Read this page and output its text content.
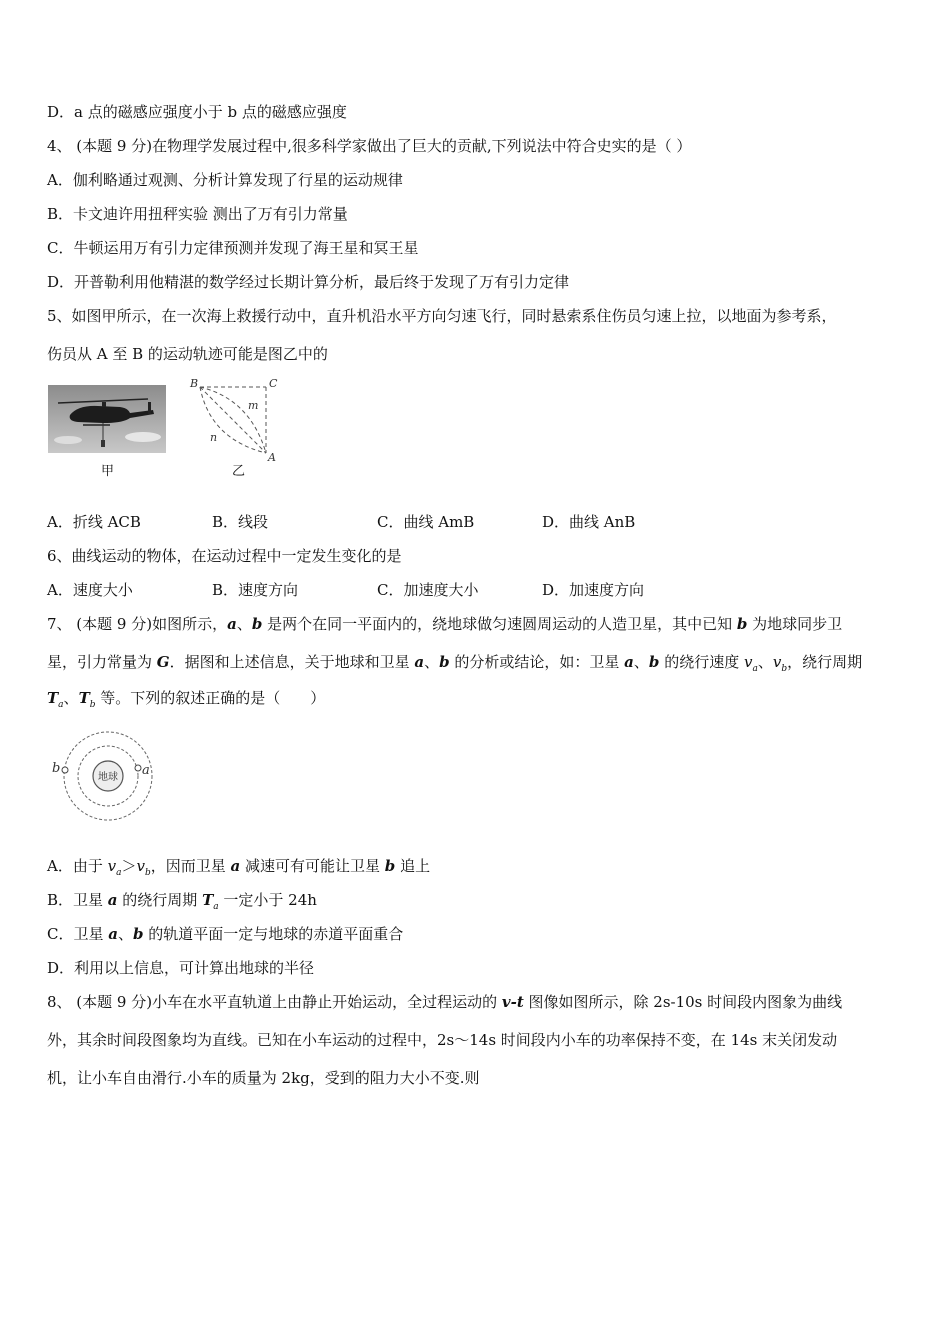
D．a 点的磁感应强度小于 b 点的磁感应强度
4、 (本题 9 分)在物理学发展过程中,很多科学家做出了巨大的贡献,下列说法中符合史实的是（ ）
A．伽利略通过观测、分析计算发现了行星的运动规律
B．卡文迪许用扭秤实验 测出了万有引力常量
C．牛顿运用万有引力定律预测并发现了海王星和冥王星
D．开普勒利用他精湛的数学经过长期计算分析，最后终于发现了万有引力定律
5、如图甲所示，在一次海上救援行动中，直升机沿水平方向匀速飞行，同时悬索系住伤员匀速上拉，以地面为参考系，
伤员从 A 至 B 的运动轨迹可能是图乙中的
甲
B	C
A
m
n
乙
A．折线 ACB	B．线段	C．曲线 AmB	D．曲线 AnB
6、曲线运动的物体，在运动过程中一定发生变化的是
A．速度大小	B．速度方向	C．加速度大小	D．加速度方向
7、 (本题 9 分)如图所示，a、b 是两个在同一平面内的，绕地球做匀速圆周运动的人造卫星，其中已知 b 为地球同步卫
星，引力常量为 G．据图和上述信息，关于地球和卫星 a、b 的分析或结论，如：卫星 a、b 的绕行速度 $v_a$、$v_b$，绕行周期
$T_a$、$T_b$ 等。下列的叙述正确的是（　　）
地球 a
b
A．由于 $v_a>v_b$，因而卫星 a 减速可有可能让卫星 b 追上
B．卫星 a 的绕行周期 $T_a$ 一定小于 24h
C．卫星 a、b 的轨道平面一定与地球的赤道平面重合
D．利用以上信息，可计算出地球的半径
8、 (本题 9 分)小车在水平直轨道上由静止开始运动，全过程运动的 v-t 图像如图所示，除 2s-10s 时间段内图象为曲线
外，其余时间段图象均为直线。已知在小车运动的过程中，2s～14s 时间段内小车的功率保持不变，在 14s 末关闭发动
机，让小车自由滑行.小车的质量为 2kg，受到的阻力大小不变.则
